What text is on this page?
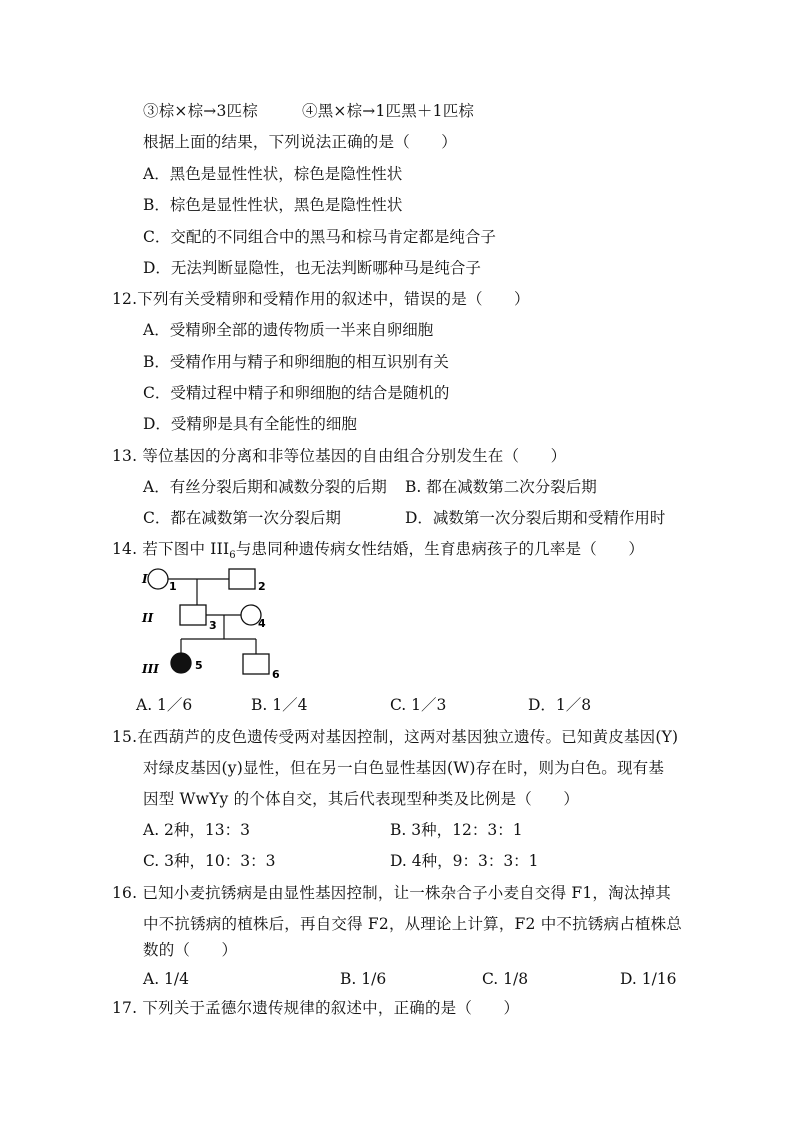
③棕×棕→3匹棕	④黑×棕→1匹黑＋1匹棕
根据上面的结果，下列说法正确的是（　　）
A．黑色是显性性状，棕色是隐性性状
B．棕色是显性性状，黑色是隐性性状
C．交配的不同组合中的黑马和棕马肯定都是纯合子
D．无法判断显隐性，也无法判断哪种马是纯合子
12.下列有关受精卵和受精作用的叙述中，错误的是（　　）
A．受精卵全部的遗传物质一半来自卵细胞
B．受精作用与精子和卵细胞的相互识别有关
C．受精过程中精子和卵细胞的结合是随机的
D．受精卵是具有全能性的细胞
13. 等位基因的分离和非等位基因的自由组合分别发生在（　　）
A．有丝分裂后期和减数分裂的后期 B. 都在减数第二次分裂后期
C．都在减数第一次分裂后期	D．减数第一次分裂后期和受精作用时
14. 若下图中 $III_6$与患同种遗传病女性结婚，生育患病孩子的几率是（　　）
I
II
III
1	2
3	4
5
6
A. 1／6	B. 1／4	C. 1／3	D．1／8
15.在西葫芦的皮色遗传受两对基因控制，这两对基因独立遗传。已知黄皮基因(Y)
对绿皮基因(y)显性，但在另一白色显性基因(W)存在时，则为白色。现有基
因型 WwYy 的个体自交，其后代表现型种类及比例是（　　）
A. 2种，13：3	B. 3种，12：3：1
C. 3种，10：3：3	D. 4种，9：3：3：1
16. 已知小麦抗锈病是由显性基因控制，让一株杂合子小麦自交得 F1，淘汰掉其
中不抗锈病的植株后，再自交得 F2，从理论上计算，F2 中不抗锈病占植株总
数的（　　）
A. 1/4	B. 1/6	C. 1/8	D. 1/16
17. 下列关于孟德尔遗传规律的叙述中，正确的是（　　）
